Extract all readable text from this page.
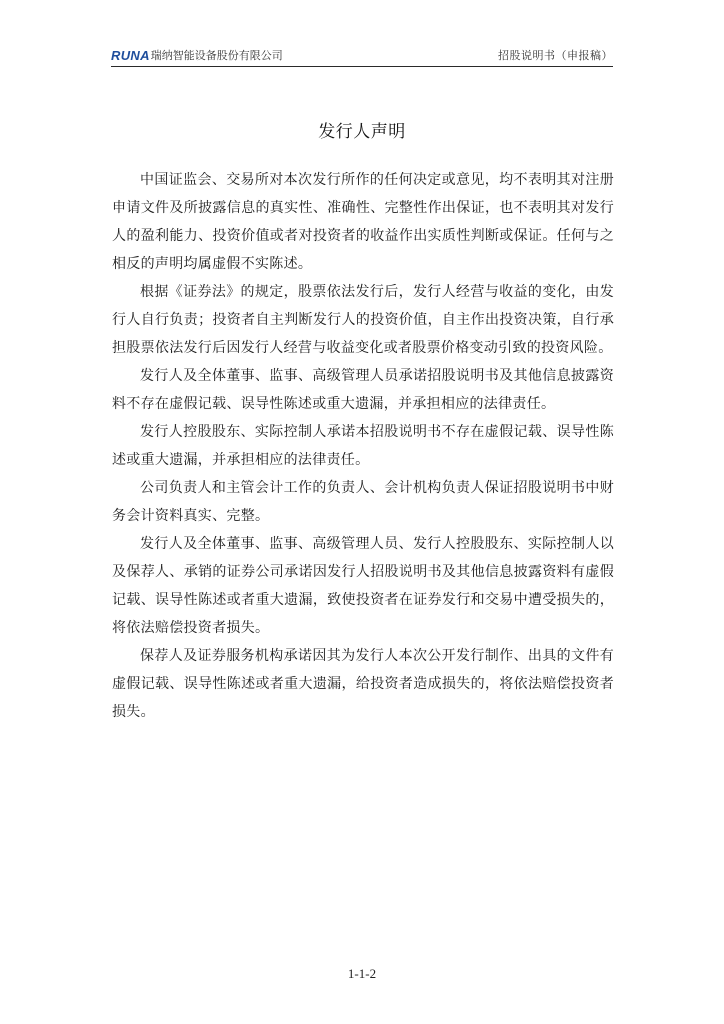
RUNA 瑞纳智能设备股份有限公司	招股说明书（申报稿）
发行人声明

中国证监会、交易所对本次发行所作的任何决定或意见，均不表明其对注册申请文件及所披露信息的真实性、准确性、完整性作出保证，也不表明其对发行人的盈利能力、投资价值或者对投资者的收益作出实质性判断或保证。任何与之相反的声明均属虚假不实陈述。

根据《证券法》的规定，股票依法发行后，发行人经营与收益的变化，由发行人自行负责；投资者自主判断发行人的投资价值，自主作出投资决策，自行承担股票依法发行后因发行人经营与收益变化或者股票价格变动引致的投资风险。

发行人及全体董事、监事、高级管理人员承诺招股说明书及其他信息披露资料不存在虚假记载、误导性陈述或重大遗漏，并承担相应的法律责任。

发行人控股股东、实际控制人承诺本招股说明书不存在虚假记载、误导性陈述或重大遗漏，并承担相应的法律责任。

公司负责人和主管会计工作的负责人、会计机构负责人保证招股说明书中财务会计资料真实、完整。

发行人及全体董事、监事、高级管理人员、发行人控股股东、实际控制人以及保荐人、承销的证券公司承诺因发行人招股说明书及其他信息披露资料有虚假记载、误导性陈述或者重大遗漏，致使投资者在证券发行和交易中遭受损失的，将依法赔偿投资者损失。

保荐人及证券服务机构承诺因其为发行人本次公开发行制作、出具的文件有虚假记载、误导性陈述或者重大遗漏，给投资者造成损失的，将依法赔偿投资者损失。

1-1-2
